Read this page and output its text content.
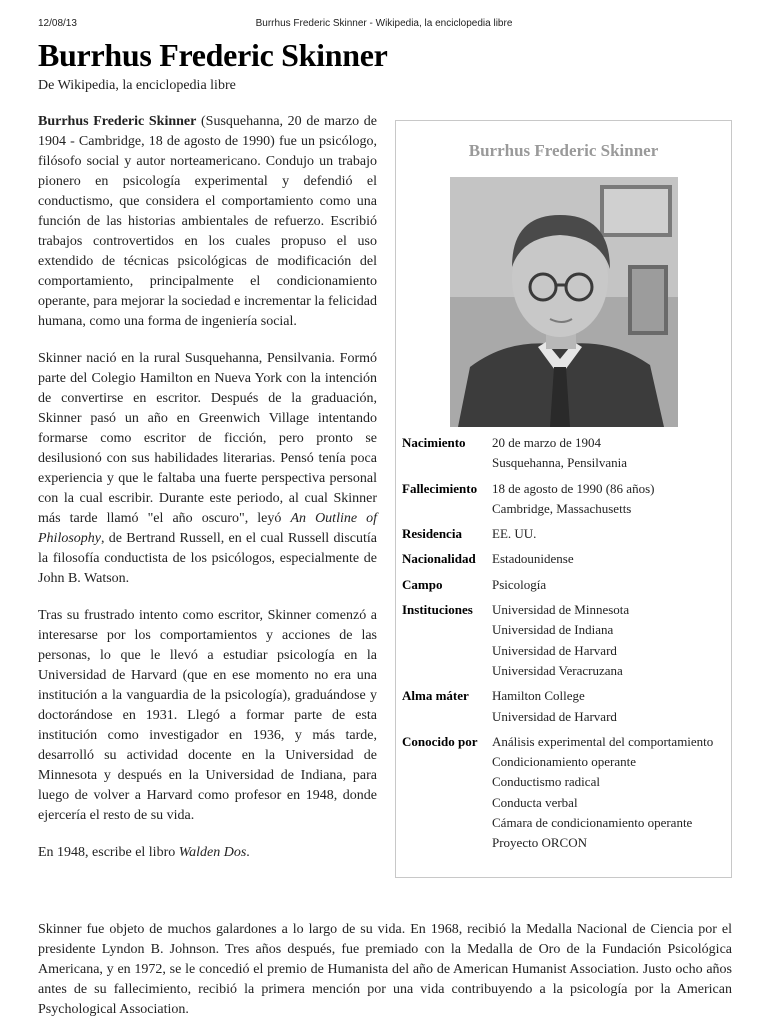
12/08/13	Burrhus Frederic Skinner - Wikipedia, la enciclopedia libre
Burrhus Frederic Skinner
De Wikipedia, la enciclopedia libre

Burrhus Frederic Skinner (Susquehanna, 20 de marzo de 1904 - Cambridge, 18 de agosto de 1990) fue un psicólogo, filósofo social y autor norteamericano. Condujo un trabajo pionero en psicología experimental y defendió el conductismo, que considera el comportamiento como una función de las historias ambientales de refuerzo. Escribió trabajos controvertidos en los cuales propuso el uso extendido de técnicas psicológicas de modificación del comportamiento, principalmente el condicionamiento operante, para mejorar la sociedad e incrementar la felicidad humana, como una forma de ingeniería social.

Skinner nació en la rural Susquehanna, Pensilvania. Formó parte del Colegio Hamilton en Nueva York con la intención de convertirse en escritor. Después de la graduación, Skinner pasó un año en Greenwich Village intentando formarse como escritor de ficción, pero pronto se desilusionó con sus habilidades literarias. Pensó tenía poca experiencia y que le faltaba una fuerte perspectiva personal con la cual escribir. Durante este periodo, al cual Skinner más tarde llamó "el año oscuro", leyó An Outline of Philosophy, de Bertrand Russell, en el cual Russell discutía la filosofía conductista de los psicólogos, especialmente de John B. Watson.

Tras su frustrado intento como escritor, Skinner comenzó a interesarse por los comportamientos y acciones de las personas, lo que le llevó a estudiar psicología en la Universidad de Harvard (que en ese momento no era una institución a la vanguardia de la psicología), graduándose y doctorándose en 1931. Llegó a formar parte de esta institución como investigador en 1936, y más tarde, desarrolló su actividad docente en la Universidad de Minnesota y después en la Universidad de Indiana, para luego de volver a Harvard como profesor en 1948, donde ejercería el resto de su vida.

En 1948, escribe el libro Walden Dos.

Burrhus Frederic Skinner
Nacimiento	20 de marzo de 1904
Susquehanna, Pensilvania
Fallecimiento	18 de agosto de 1990 (86 años)
Cambridge, Massachusetts
Residencia	EE. UU.
Nacionalidad	Estadounidense
Campo	Psicología
Instituciones	Universidad de Minnesota
Universidad de Indiana
Universidad de Harvard
Universidad Veracruzana
Alma máter	Hamilton College
Universidad de Harvard
Conocido por	Análisis experimental del comportamiento
Condicionamiento operante
Conductismo radical
Conducta verbal
Cámara de condicionamiento operante
Proyecto ORCON

Skinner fue objeto de muchos galardones a lo largo de su vida. En 1968, recibió la Medalla Nacional de Ciencia por el presidente Lyndon B. Johnson. Tres años después, fue premiado con la Medalla de Oro de la Fundación Psicológica Americana, y en 1972, se le concedió el premio de Humanista del año de American Humanist Association. Justo ocho años antes de su fallecimiento, recibió la primera mención por una vida contribuyendo a la psicología por la American Psychological Association.
